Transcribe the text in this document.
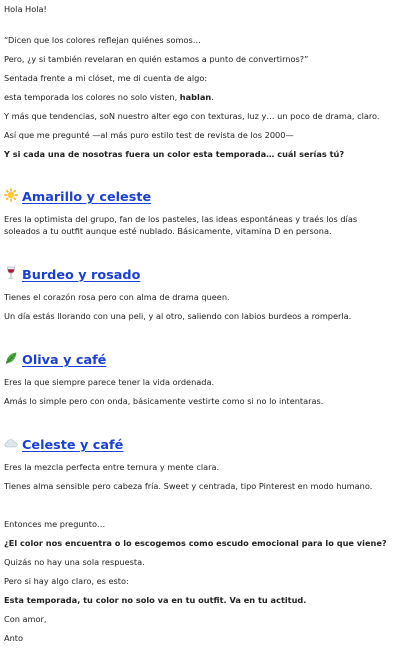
Hola Hola!

“Dicen que los colores reflejan quiénes somos…

Pero, ¿y si también revelaran en quién estamos a punto de convertirnos?”

Sentada frente a mi clóset, me di cuenta de algo:

esta temporada los colores no solo visten, hablan.

Y más que tendencias, soN nuestro alter ego con texturas, luz y… un poco de drama, claro.

Así que me pregunté —al más puro estilo test de revista de los 2000—

Y si cada una de nosotras fuera un color esta temporada… cuál serías tú?

Amarillo y celeste

Eres la optimista del grupo, fan de los pasteles, las ideas espontáneas y traés los días soleados a tu outfit aunque esté nublado. Básicamente, vitamina D en persona.

Burdeo y rosado

Tienes el corazón rosa pero con alma de drama queen.

Un día estás llorando con una peli, y al otro, saliendo con labios burdeos a romperla.

Oliva y café

Eres la que siempre parece tener la vida ordenada.

Amás lo simple pero con onda, básicamente vestirte como si no lo intentaras.

Celeste y café

Eres la mezcla perfecta entre ternura y mente clara.

Tienes alma sensible pero cabeza fría. Sweet y centrada, tipo Pinterest en modo humano.

Entonces me pregunto…

¿El color nos encuentra o lo escogemos como escudo emocional para lo que viene?

Quizás no hay una sola respuesta.

Pero si hay algo claro, es esto:

Esta temporada, tu color no solo va en tu outfit. Va en tu actitud.

Con amor,

Anto
